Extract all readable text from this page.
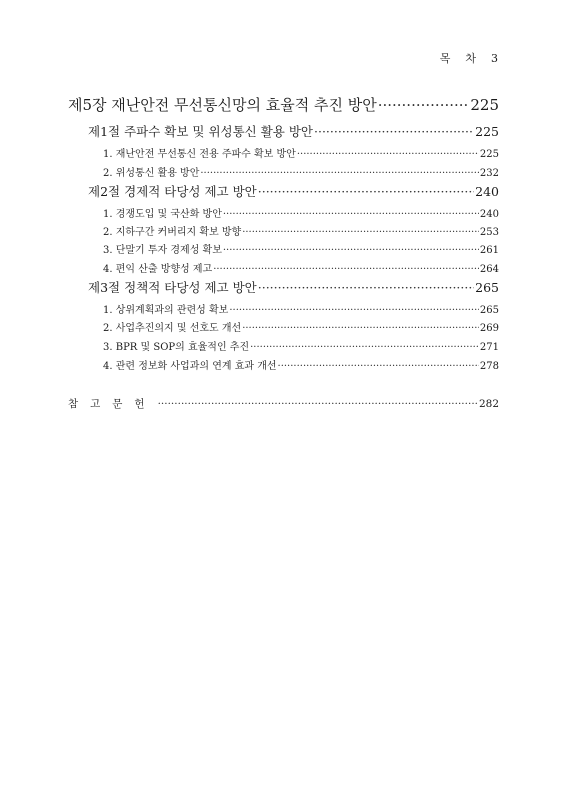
목 차 3
제5장 재난안전 무선통신망의 효율적 추진 방안 ·····	225
제1절 주파수 확보 및 위성통신 활용 방안 ·····	225
1. 재난안전 무선통신 전용 주파수 확보 방안 ·····	225
2. 위성통신 활용 방안 ·····	232
제2절 경제적 타당성 제고 방안 ·····	240
1. 경쟁도입 및 국산화 방안 ·····	240
2. 지하구간 커버리지 확보 방향 ·····	253
3. 단말기 투자 경제성 확보 ·····	261
4. 편익 산출 방향성 제고 ·····	264
제3절 정책적 타당성 제고 방안 ·····	265
1. 상위계획과의 관련성 확보 ·····	265
2. 사업추진의지 및 선호도 개선 ·····	269
3. BPR 및 SOP의 효율적인 추진 ·····	271
4. 관련 정보화 사업과의 연계 효과 개선 ·····	278
참고문헌 ·····	282
